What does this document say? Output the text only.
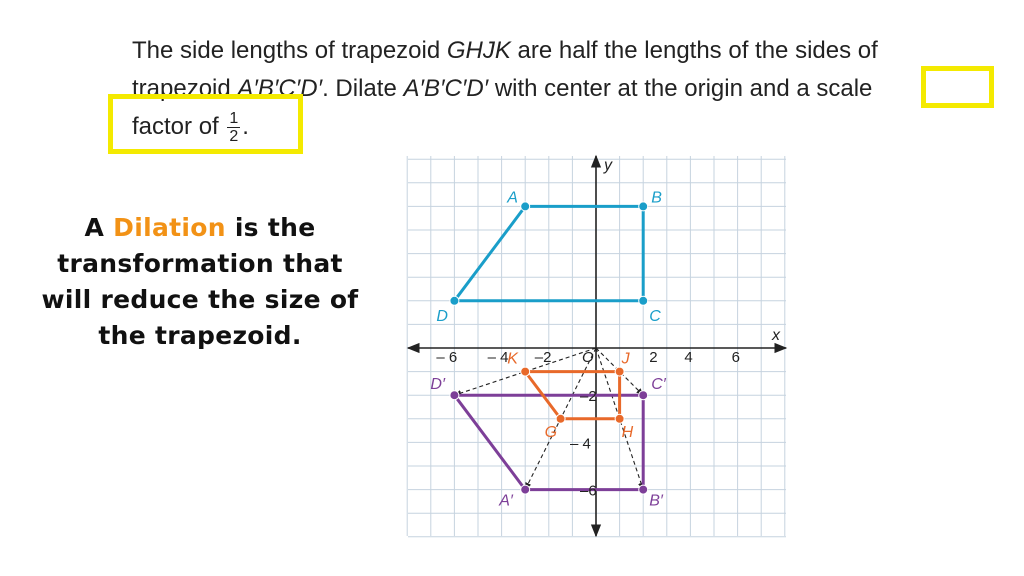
The side lengths of trapezoid GHJK are half the lengths of the sides of
trapezoid A′B′C′D′. Dilate A′B′C′D′ with center at the origin and a scale
factor of $\frac{1}{2}$ .
A Dilation is the transformation that will reduce the size of the trapezoid.	x
y
– 6 – 4 –2	2 4	6
–2
– 4
–6
O
A	B
C
D
A′	B′
C′
D′
G	H
J
K
